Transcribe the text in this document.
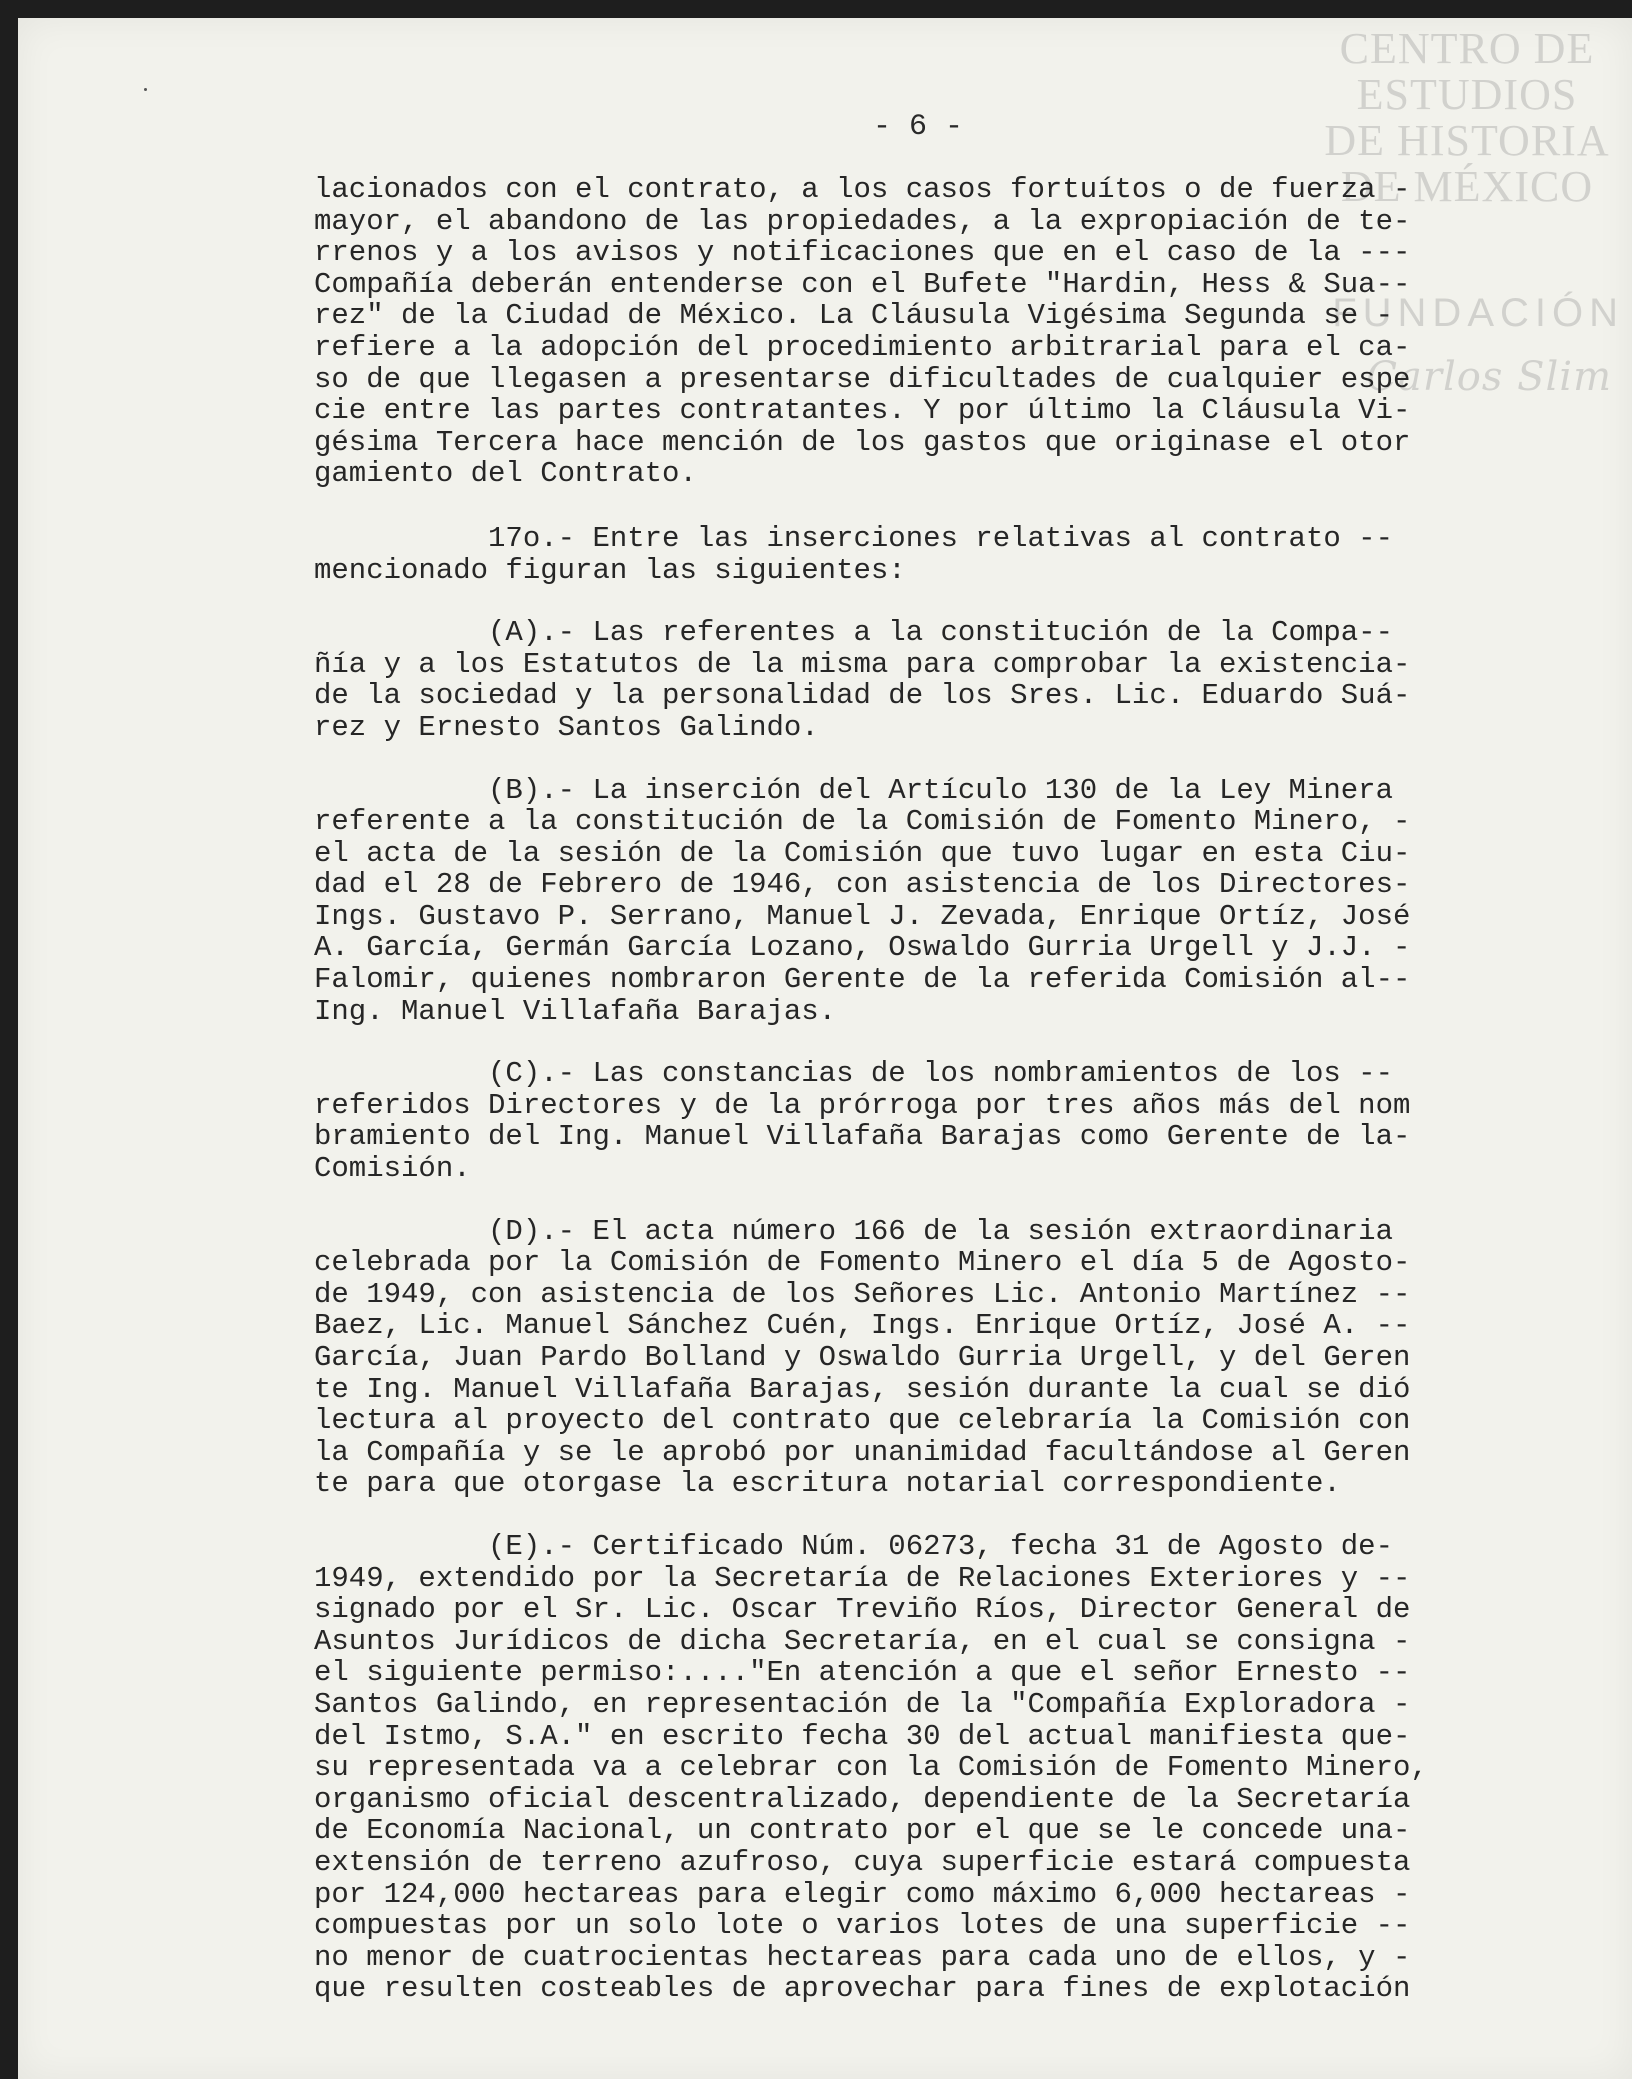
- 6 -
CENTRO DE
ESTUDIOS
DE HISTORIA
DE MÉXICO
FUNDACIÓN
Carlos Slim
lacionados con el contrato, a los casos fortuítos o de fuerza -
mayor, el abandono de las propiedades, a la expropiación de te-
rrenos y a los avisos y notificaciones que en el caso de la ---
Compañía deberán entenderse con el Bufete "Hardin, Hess & Sua--
rez" de la Ciudad de México. La Cláusula Vigésima Segunda se -
refiere a la adopción del procedimiento arbitrarial para el ca-
so de que llegasen a presentarse dificultades de cualquier espe
cie entre las partes contratantes. Y por último la Cláusula Vi-
gésima Tercera hace mención de los gastos que originase el otor
gamiento del Contrato.
17o.- Entre las inserciones relativas al contrato --
mencionado figuran las siguientes:
(A).- Las referentes a la constitución de la Compa--
ñía y a los Estatutos de la misma para comprobar la existencia-
de la sociedad y la personalidad de los Sres. Lic. Eduardo Suá-
rez y Ernesto Santos Galindo.
(B).- La inserción del Artículo 130 de la Ley Minera
referente a la constitución de la Comisión de Fomento Minero, -
el acta de la sesión de la Comisión que tuvo lugar en esta Ciu-
dad el 28 de Febrero de 1946, con asistencia de los Directores-
Ings. Gustavo P. Serrano, Manuel J. Zevada, Enrique Ortíz, José
A. García, Germán García Lozano, Oswaldo Gurria Urgell y J.J. -
Falomir, quienes nombraron Gerente de la referida Comisión al--
Ing. Manuel Villafaña Barajas.
(C).- Las constancias de los nombramientos de los --
referidos Directores y de la prórroga por tres años más del nom
bramiento del Ing. Manuel Villafaña Barajas como Gerente de la-
Comisión.
(D).- El acta número 166 de la sesión extraordinaria
celebrada por la Comisión de Fomento Minero el día 5 de Agosto-
de 1949, con asistencia de los Señores Lic. Antonio Martínez --
Baez, Lic. Manuel Sánchez Cuén, Ings. Enrique Ortíz, José A. --
García, Juan Pardo Bolland y Oswaldo Gurria Urgell, y del Geren
te Ing. Manuel Villafaña Barajas, sesión durante la cual se dió
lectura al proyecto del contrato que celebraría la Comisión con
la Compañía y se le aprobó por unanimidad facultándose al Geren
te para que otorgase la escritura notarial correspondiente.
(E).- Certificado Núm. 06273, fecha 31 de Agosto de-
1949, extendido por la Secretaría de Relaciones Exteriores y --
signado por el Sr. Lic. Oscar Treviño Ríos, Director General de
Asuntos Jurídicos de dicha Secretaría, en el cual se consigna -
el siguiente permiso:...."En atención a que el señor Ernesto --
Santos Galindo, en representación de la "Compañía Exploradora -
del Istmo, S.A." en escrito fecha 30 del actual manifiesta que-
su representada va a celebrar con la Comisión de Fomento Minero,
organismo oficial descentralizado, dependiente de la Secretaría
de Economía Nacional, un contrato por el que se le concede una-
extensión de terreno azufroso, cuya superficie estará compuesta
por 124,000 hectareas para elegir como máximo 6,000 hectareas -
compuestas por un solo lote o varios lotes de una superficie --
no menor de cuatrocientas hectareas para cada uno de ellos, y -
que resulten costeables de aprovechar para fines de explotación
